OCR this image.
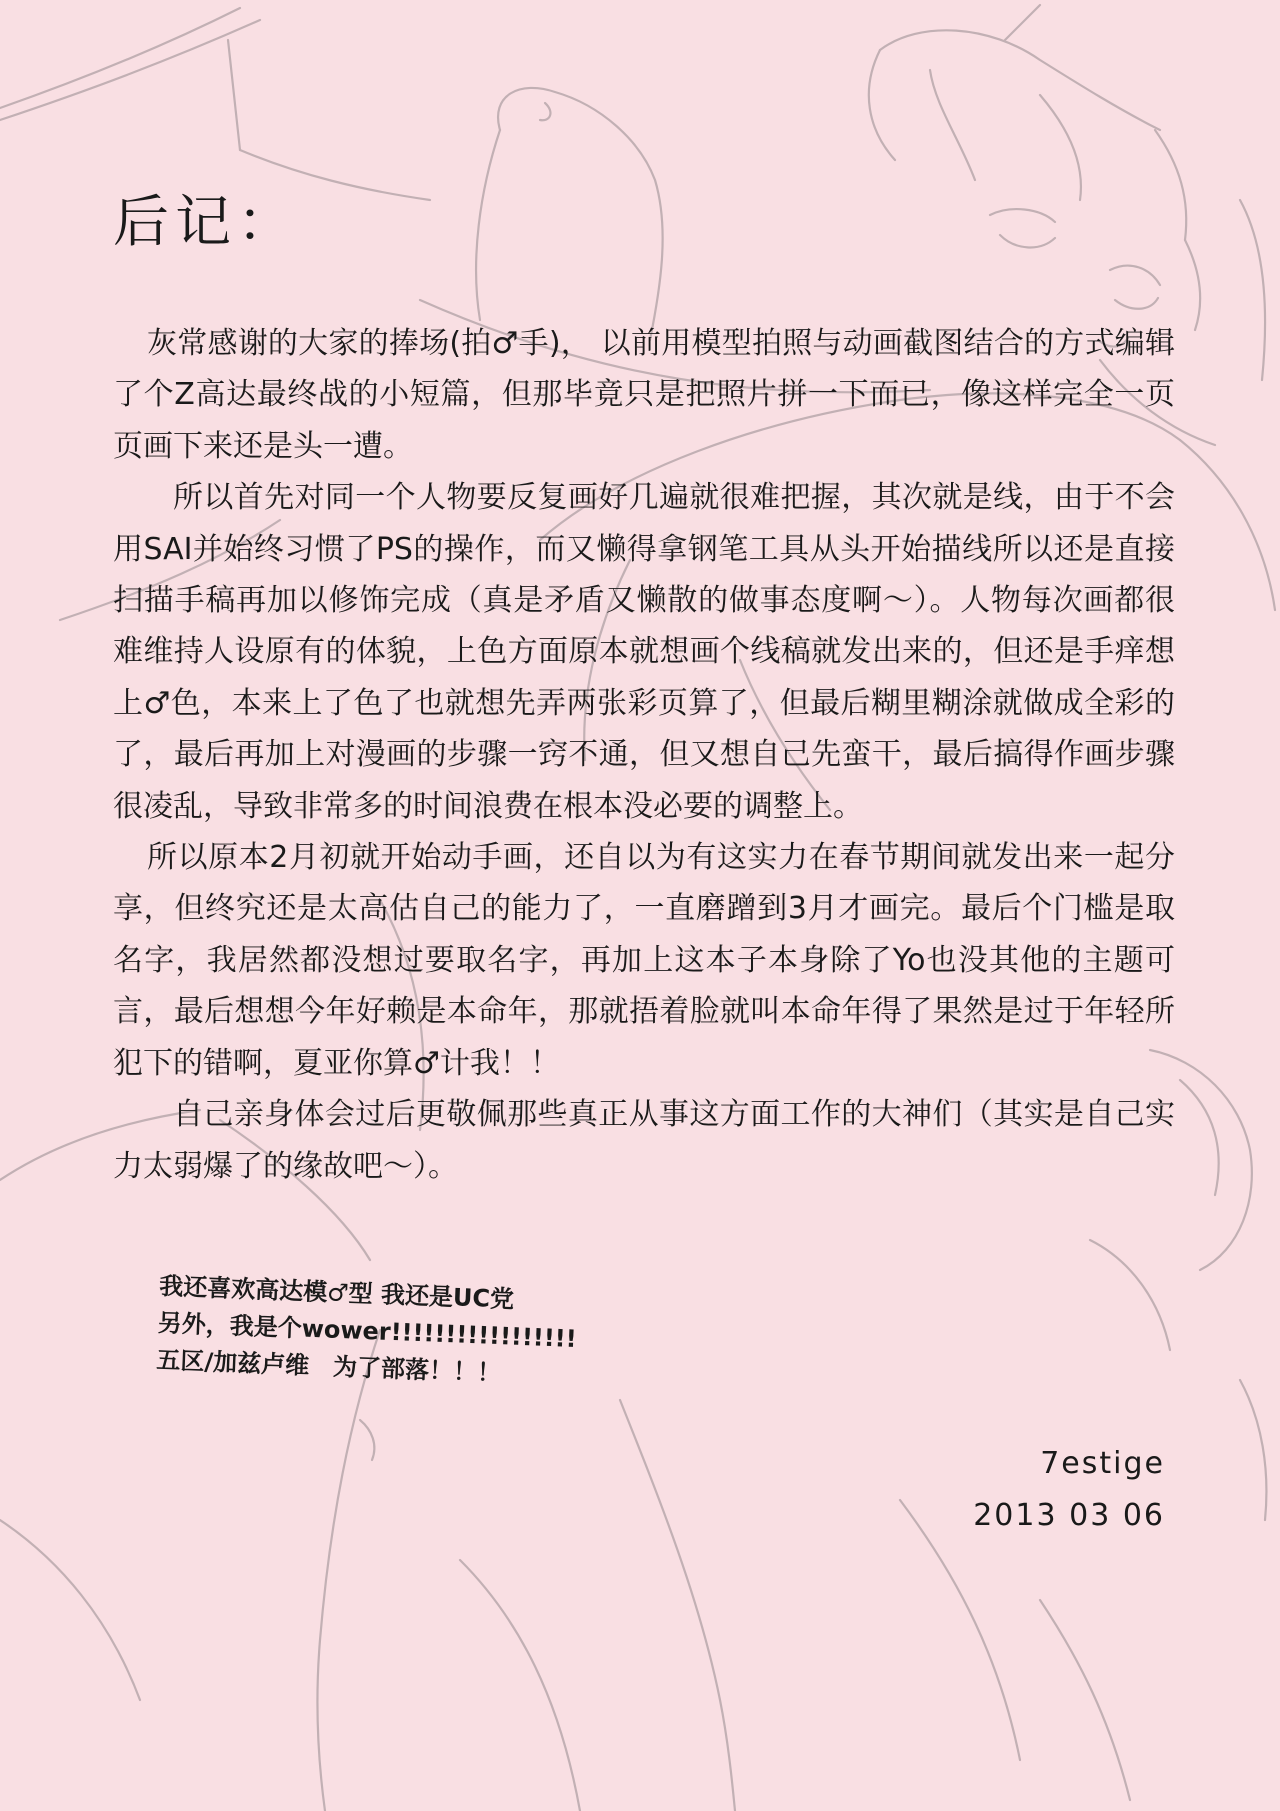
后记：

灰常感谢的大家的捧场(拍♂手)， 以前用模型拍照与动画截图结合的方式编辑了个Z高达最终战的小短篇，但那毕竟只是把照片拼一下而已，像这样完全一页页画下来还是头一遭。

所以首先对同一个人物要反复画好几遍就很难把握，其次就是线，由于不会用SAI并始终习惯了PS的操作，而又懒得拿钢笔工具从头开始描线所以还是直接扫描手稿再加以修饰完成（真是矛盾又懒散的做事态度啊～）。人物每次画都很难维持人设原有的体貌，上色方面原本就想画个线稿就发出来的，但还是手痒想上♂色，本来上了色了也就想先弄两张彩页算了，但最后糊里糊涂就做成全彩的了，最后再加上对漫画的步骤一窍不通，但又想自己先蛮干，最后搞得作画步骤很凌乱，导致非常多的时间浪费在根本没必要的调整上。

所以原本2月初就开始动手画，还自以为有这实力在春节期间就发出来一起分享，但终究还是太高估自己的能力了，一直磨蹭到3月才画完。最后个门槛是取名字，我居然都没想过要取名字，再加上这本子本身除了Yo也没其他的主题可言，最后想想今年好赖是本命年，那就捂着脸就叫本命年得了果然是过于年轻所犯下的错啊，夏亚你算♂计我！！

自己亲身体会过后更敬佩那些真正从事这方面工作的大神们（其实是自己实力太弱爆了的缘故吧～）。

我还喜欢高达模♂型 我还是UC党
另外，我是个wower!!!!!!!!!!!!!!!!!
五区/加兹卢维　为了部落！！！
7estige
2013 03 06
